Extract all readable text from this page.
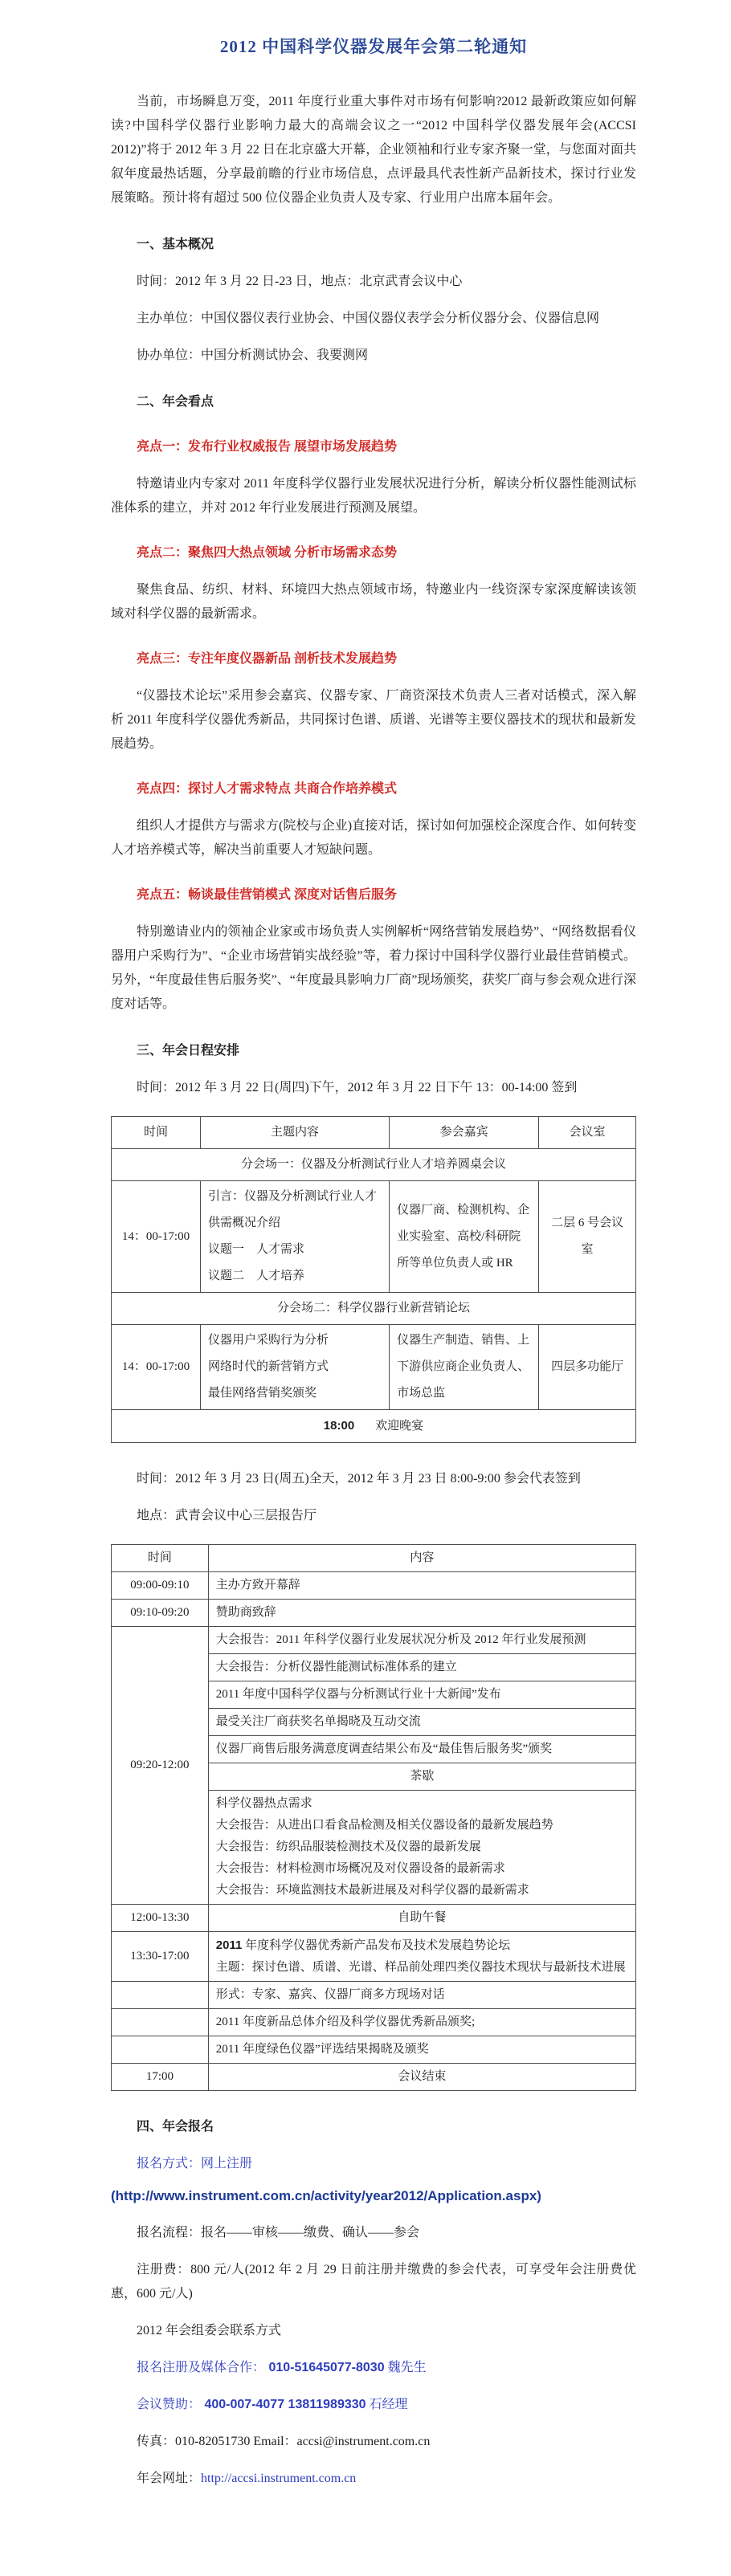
2012 中国科学仪器发展年会第二轮通知

当前，市场瞬息万变，2011 年度行业重大事件对市场有何影响?2012 最新政策应如何解读?中国科学仪器行业影响力最大的高端会议之一“2012 中国科学仪器发展年会(ACCSI 2012)”将于 2012 年 3 月 22 日在北京盛大开幕，企业领袖和行业专家齐聚一堂，与您面对面共叙年度最热话题，分享最前瞻的行业市场信息，点评最具代表性新产品新技术，探讨行业发展策略。预计将有超过 500 位仪器企业负责人及专家、行业用户出席本届年会。

一、基本概况
时间：2012 年 3 月 22 日-23 日，地点：北京武青会议中心
主办单位：中国仪器仪表行业协会、中国仪器仪表学会分析仪器分会、仪器信息网
协办单位：中国分析测试协会、我要测网
二、年会看点
亮点一：发布行业权威报告 展望市场发展趋势

特邀请业内专家对 2011 年度科学仪器行业发展状况进行分析，解读分析仪器性能测试标准体系的建立，并对 2012 年行业发展进行预测及展望。

亮点二：聚焦四大热点领域 分析市场需求态势

聚焦食品、纺织、材料、环境四大热点领域市场，特邀业内一线资深专家深度解读该领域对科学仪器的最新需求。

亮点三：专注年度仪器新品 剖析技术发展趋势

“仪器技术论坛”采用参会嘉宾、仪器专家、厂商资深技术负责人三者对话模式，深入解析 2011 年度科学仪器优秀新品，共同探讨色谱、质谱、光谱等主要仪器技术的现状和最新发展趋势。

亮点四：探讨人才需求特点 共商合作培养模式

组织人才提供方与需求方(院校与企业)直接对话，探讨如何加强校企深度合作、如何转变人才培养模式等，解决当前重要人才短缺问题。

亮点五：畅谈最佳营销模式 深度对话售后服务

特别邀请业内的领袖企业家或市场负责人实例解析“网络营销发展趋势”、“网络数据看仪器用户采购行为”、“企业市场营销实战经验”等，着力探讨中国科学仪器行业最佳营销模式。另外，“年度最佳售后服务奖”、“年度最具影响力厂商”现场颁奖，获奖厂商与参会观众进行深度对话等。

三、年会日程安排
时间：2012 年 3 月 22 日(周四)下午，2012 年 3 月 22 日下午 13：00-14:00 签到
时间	主题内容	参会嘉宾	会议室
分会场一：仪器及分析测试行业人才培养圆桌会议			
14：00-17:00	引言：仪器及分析测试行业人才供需概况介绍
议题一　人才需求
议题二　人才培养	仪器厂商、检测机构、企业实验室、高校/科研院所等单位负责人或 HR	二层 6 号会议室
分会场二：科学仪器行业新营销论坛			
14：00-17:00	仪器用户采购行为分析
网络时代的新营销方式
最佳网络营销奖颁奖	仪器生产制造、销售、上下游供应商企业负责人、市场总监	四层多功能厅
18:00 欢迎晚宴			
时间：2012 年 3 月 23 日(周五)全天，2012 年 3 月 23 日 8:00-9:00 参会代表签到
地点：武青会议中心三层报告厅
时间	内容
09:00-09:10	主办方致开幕辞
09:10-09:20	赞助商致辞
09:20-12:00	大会报告：2011 年科学仪器行业发展状况分析及 2012 年行业发展预测
	大会报告：分析仪器性能测试标准体系的建立
	2011 年度中国科学仪器与分析测试行业十大新闻”发布
	最受关注厂商获奖名单揭晓及互动交流
	仪器厂商售后服务满意度调查结果公布及“最佳售后服务奖”颁奖
	茶歇

	科学仪器热点需求
大会报告：从进出口看食品检测及相关仪器设备的最新发展趋势
大会报告：纺织品服装检测技术及仪器的最新发展
大会报告：材料检测市场概况及对仪器设备的最新需求
大会报告：环境监测技术最新进展及对科学仪器的最新需求

12:00-13:30	自助午餐
13:30-17:00	2011 年度科学仪器优秀新产品发布及技术发展趋势论坛
主题：探讨色谱、质谱、光谱、样品前处理四类仪器技术现状与最新技术进展

	形式：专家、嘉宾、仪器厂商多方现场对话
	2011 年度新品总体介绍及科学仪器优秀新品颁奖;
	2011 年度绿色仪器”评选结果揭晓及颁奖
17:00	会议结束
四、年会报名
报名方式：网上注册
(http://www.instrument.com.cn/activity/year2012/Application.aspx)
报名流程：报名——审核——缴费、确认——参会

注册费：800 元/人(2012 年 2 月 29 日前注册并缴费的参会代表，可享受年会注册费优惠，600 元/人)

2012 年会组委会联系方式
报名注册及媒体合作： 010-51645077-8030 魏先生
会议赞助： 400-007-4077 13811989330 石经理
传真：010-82051730 Email：accsi@instrument.com.cn
年会网址：http://accsi.instrument.com.cn
